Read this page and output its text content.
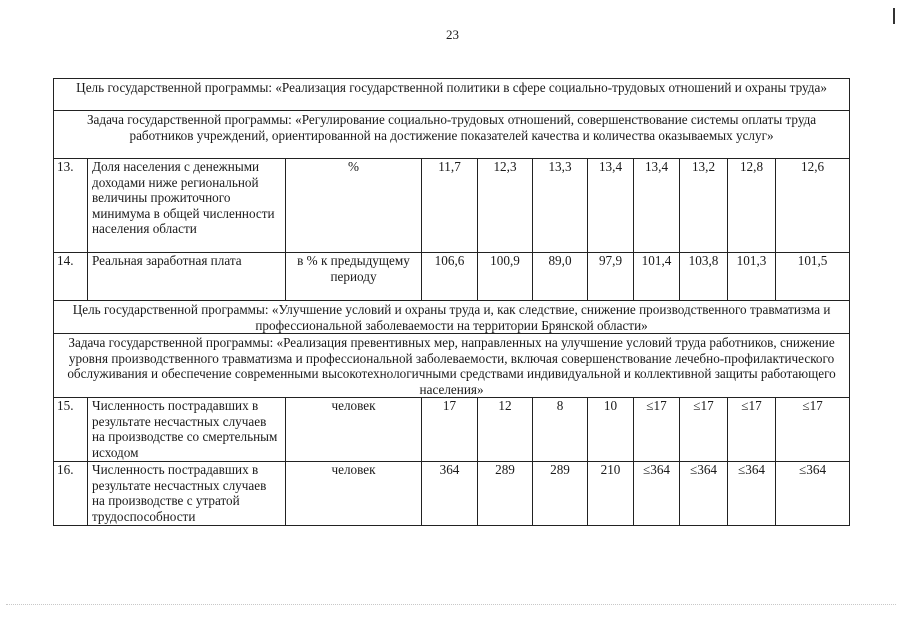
23
Цель государственной программы: «Реализация государственной политики в сфере социально-трудовых отношений и охраны труда»										
Задача государственной программы: «Регулирование социально-трудовых отношений, совершенствование системы оплаты труда работников учреждений, ориентированной на достижение показателей качества и количества оказываемых услуг»										
13.	Доля населения с денежными доходами ниже региональной величины прожиточного минимума в общей численности населения области	%	11,7	12,3	13,3	13,4	13,4	13,2	12,8	12,6
14.	Реальная заработная плата	в % к предыдущему периоду	106,6	100,9	89,0	97,9	101,4	103,8	101,3	101,5
Цель государственной программы: «Улучшение условий и охраны труда и, как следствие, снижение производственного травматизма и профессиональной заболеваемости на территории Брянской области»										
Задача государственной программы: «Реализация превентивных мер, направленных на улучшение условий труда работников, снижение уровня производственного травматизма и профессиональной заболеваемости, включая совершенствование лечебно-профилактического обслуживания и обеспечение современными высокотехнологичными средствами индивидуальной и коллективной защиты работающего населения»										
15.	Численность пострадавших в результате несчастных случаев на производстве со смертельным исходом	человек	17	12	8	10	≤17	≤17	≤17	≤17
16.	Численность пострадавших в результате несчастных случаев на производстве с утратой трудоспособности	человек	364	289	289	210	≤364	≤364	≤364	≤364
